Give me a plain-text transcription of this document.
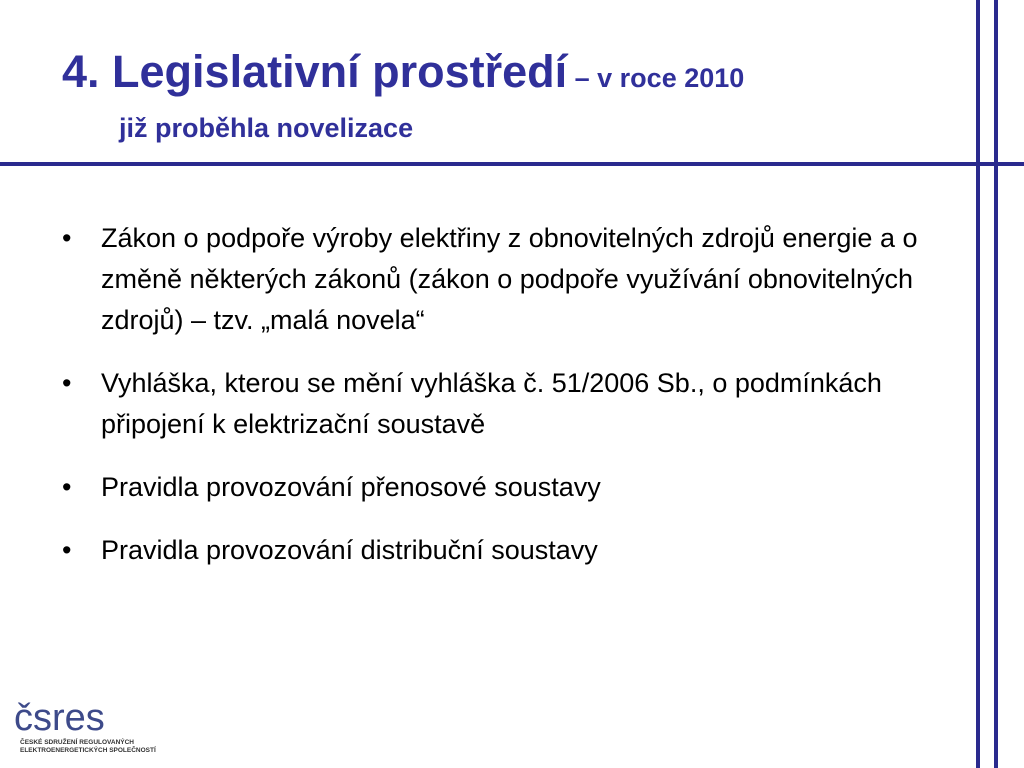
4. Legislativní prostředí – v roce 2010
již proběhla novelizace
• Zákon o podpoře výroby elektřiny z obnovitelných zdrojů energie a o změně některých zákonů (zákon o podpoře využívání obnovitelných zdrojů) – tzv. „malá novela“
• Vyhláška, kterou se mění vyhláška č. 51/2006 Sb., o podmínkách připojení k elektrizační soustavě
• Pravidla provozování přenosové soustavy
• Pravidla provozování distribuční soustavy
čsres
ČESKÉ SDRUŽENÍ REGULOVANÝCH
ELEKTROENERGETICKÝCH SPOLEČNOSTÍ
